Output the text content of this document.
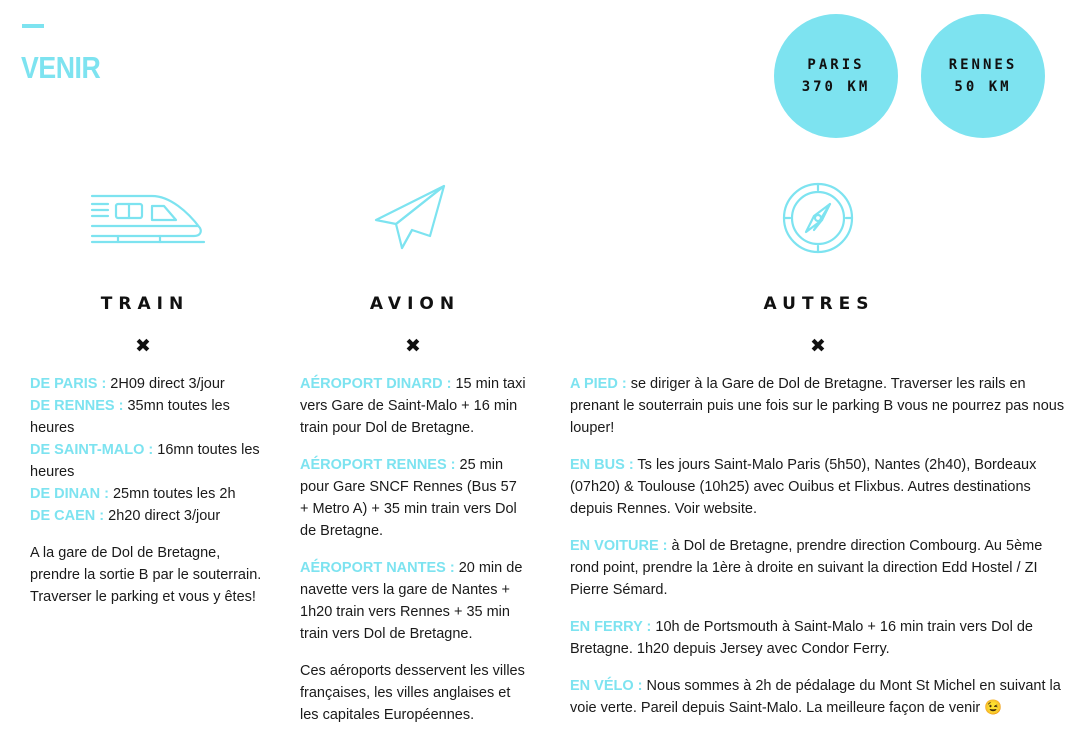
VENIR	PARIS
370 KM
RENNES
50 KM
TRAIN	AVION	AUTRES
✖	✖	✖

DE PARIS : 2H09 direct 3/jour
DE RENNES : 35mn toutes les heures
DE SAINT-MALO : 16mn toutes les heures
DE DINAN : 25mn toutes les 2h
DE CAEN : 2h20 direct 3/jour

A la gare de Dol de Bretagne, prendre la sortie B par le souterrain. Traverser le parking et vous y êtes!

AÉROPORT DINARD : 15 min taxi vers Gare de Saint-Malo + 16 min train pour Dol de Bretagne.

AÉROPORT RENNES : 25 min pour Gare SNCF Rennes (Bus 57 + Metro A) + 35 min train vers Dol de Bretagne.

AÉROPORT NANTES : 20 min de navette vers la gare de Nantes + 1h20 train vers Rennes + 35 min train vers Dol de Bretagne.

Ces aéroports desservent les villes françaises, les villes anglaises et les capitales Européennes.

A PIED : se diriger à la Gare de Dol de Bretagne. Traverser les rails en prenant le souterrain puis une fois sur le parking B vous ne pourrez pas nous louper!

EN BUS : Ts les jours Saint-Malo Paris (5h50), Nantes (2h40), Bordeaux (07h20) & Toulouse (10h25) avec Ouibus et Flixbus. Autres destinations depuis Rennes. Voir website.

EN VOITURE : à Dol de Bretagne, prendre direction Combourg. Au 5ème rond point, prendre la 1ère à droite en suivant la direction Edd Hostel / ZI Pierre Sémard.

EN FERRY : 10h de Portsmouth à Saint-Malo + 16 min train vers Dol de Bretagne. 1h20 depuis Jersey avec Condor Ferry.

EN VÉLO : Nous sommes à 2h de pédalage du Mont St Michel en suivant la voie verte. Pareil depuis Saint-Malo. La meilleure façon de venir 😉
